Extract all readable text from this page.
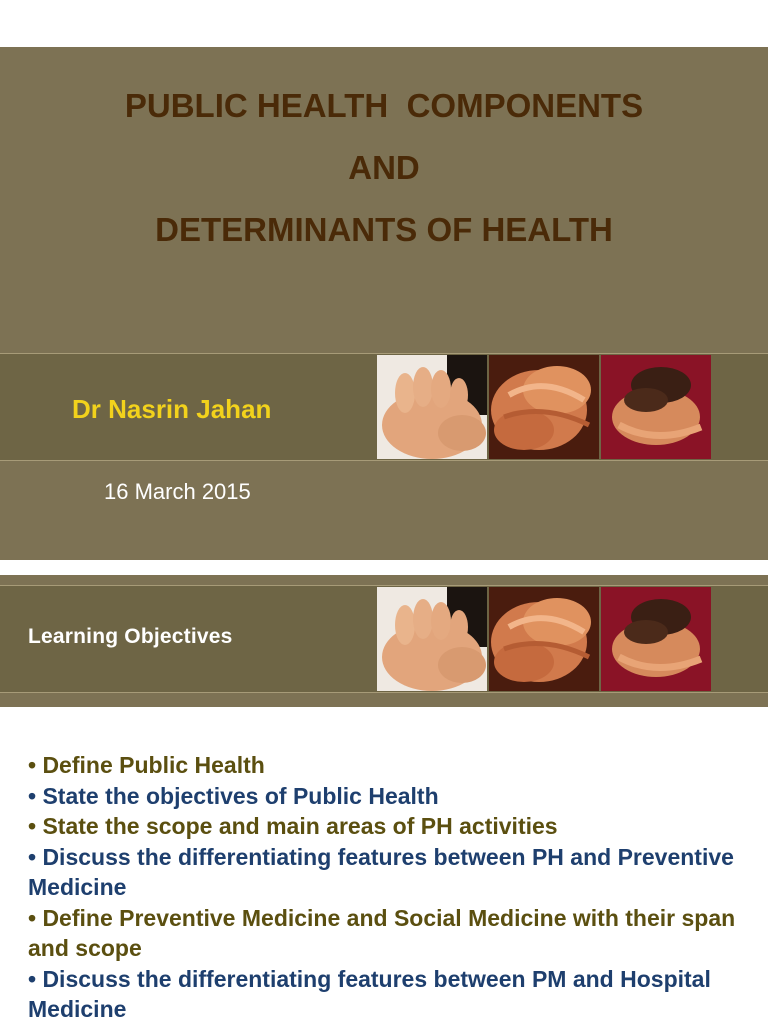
PUBLIC HEALTH  COMPONENTS
AND
DETERMINANTS OF HEALTH
Dr Nasrin Jahan
16 March 2015
Learning Objectives

• Define Public Health

• State the objectives of Public Health

• State the scope and main areas of PH activities

• Discuss the differentiating features between PH and Preventive Medicine

• Define Preventive Medicine and Social Medicine with their span and scope

• Discuss the differentiating features between PM and Hospital Medicine
